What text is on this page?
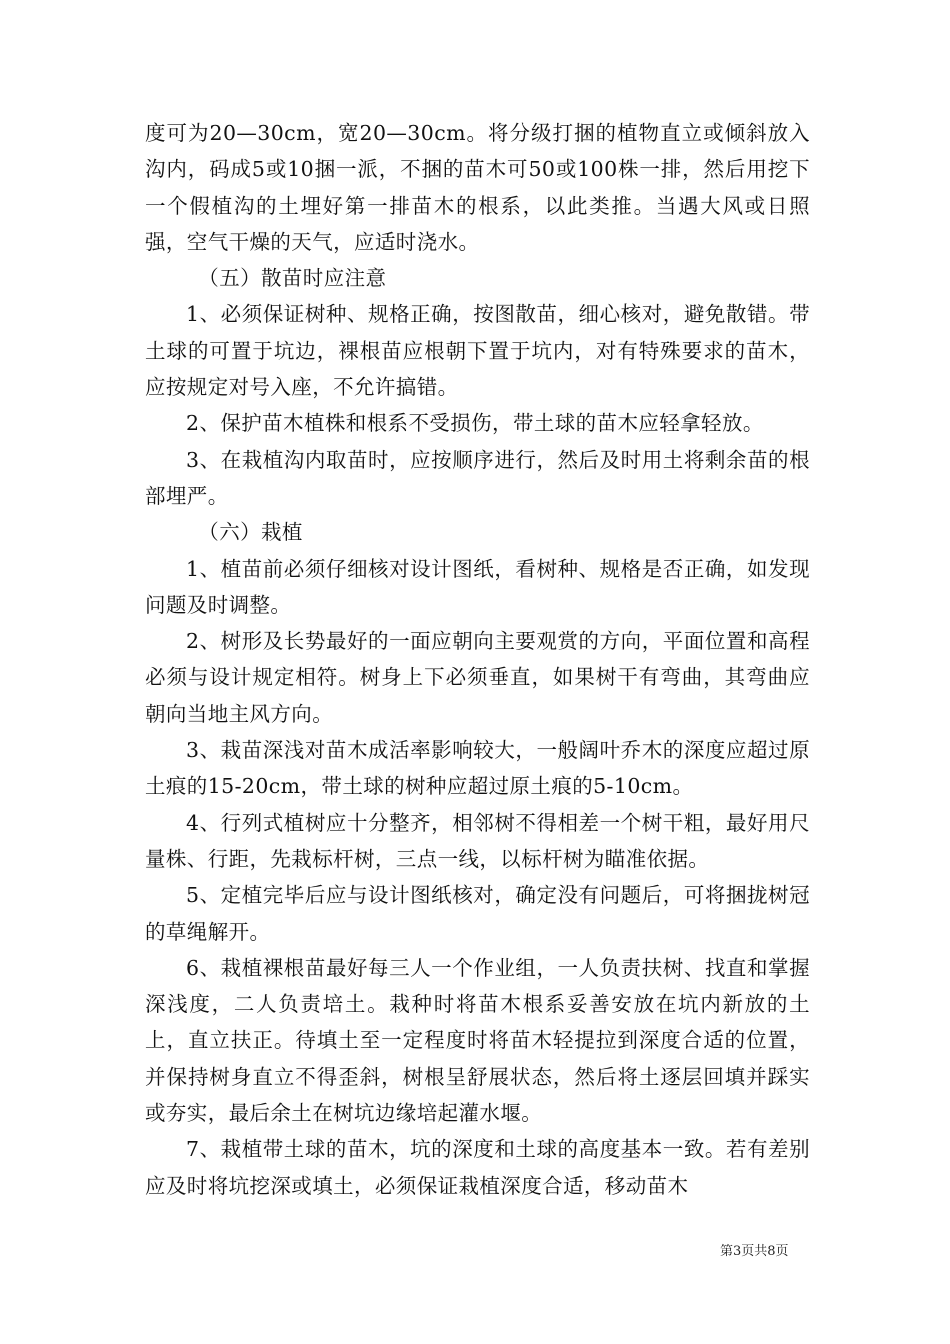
度可为20—30cm，宽20—30cm。将分级打捆的植物直立或倾斜放入沟内，码成5或10捆一派，不捆的苗木可50或100株一排，然后用挖下一个假植沟的土埋好第一排苗木的根系，以此类推。当遇大风或日照强，空气干燥的天气，应适时浇水。

（五）散苗时应注意

1、必须保证树种、规格正确，按图散苗，细心核对，避免散错。带土球的可置于坑边，裸根苗应根朝下置于坑内，对有特殊要求的苗木，应按规定对号入座，不允许搞错。

2、保护苗木植株和根系不受损伤，带土球的苗木应轻拿轻放。

3、在栽植沟内取苗时，应按顺序进行，然后及时用土将剩余苗的根部埋严。

（六）栽植

1、植苗前必须仔细核对设计图纸，看树种、规格是否正确，如发现问题及时调整。

2、树形及长势最好的一面应朝向主要观赏的方向，平面位置和高程必须与设计规定相符。树身上下必须垂直，如果树干有弯曲，其弯曲应朝向当地主风方向。

3、栽苗深浅对苗木成活率影响较大，一般阔叶乔木的深度应超过原土痕的15-20cm，带土球的树种应超过原土痕的5-10cm。

4、行列式植树应十分整齐，相邻树不得相差一个树干粗，最好用尺量株、行距，先栽标杆树，三点一线，以标杆树为瞄准依据。

5、定植完毕后应与设计图纸核对，确定没有问题后，可将捆拢树冠的草绳解开。

6、栽植裸根苗最好每三人一个作业组，一人负责扶树、找直和掌握深浅度，二人负责培土。栽种时将苗木根系妥善安放在坑内新放的土上，直立扶正。待填土至一定程度时将苗木轻提拉到深度合适的位置，并保持树身直立不得歪斜，树根呈舒展状态，然后将土逐层回填并踩实或夯实，最后余土在树坑边缘培起灌水堰。

7、栽植带土球的苗木，坑的深度和土球的高度基本一致。若有差别应及时将坑挖深或填土，必须保证栽植深度合适，移动苗木

第3页共8页
